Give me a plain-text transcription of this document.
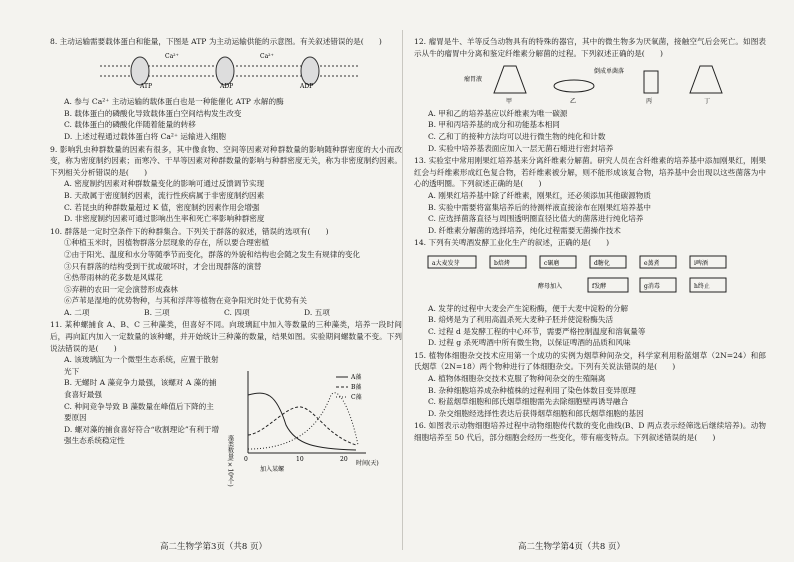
8. 主动运输需要载体蛋白和能量，下图是 ATP 为主动运输供能的示意图。有关叙述错误的是(　　)
Ca²⁺	Ca²⁺
ATP	ADP	ADP
A. 参与 Ca²⁺ 主动运输的载体蛋白也是一种能催化 ATP 水解的酶
B. 载体蛋白的磷酸化导致载体蛋白空间结构发生改变
C. 载体蛋白的磷酸化伴随着能量的转移
D. 上述过程通过载体蛋白将 Ca²⁺ 运输进入细胞
9. 影响乳虫种群数量的因素有很多，其中像食物、空间等因素对种群数量的影响随种群密度的大小而改变，称为密度制约因素；而寒冷、干旱等因素对种群数量的影响与种群密度无关，称为非密度制约因素。下列相关分析错误的是(　　)
A. 密度制约因素对种群数量变化的影响可通过反馈调节实现
B. 天敌属于密度制约因素，流行性疾病属于非密度制约因素
C. 若昆虫的种群数量超过 K 值，密度制约因素作用会增强
D. 非密度制约因素可通过影响出生率和死亡率影响种群密度
10. 群落是一定时空条件下的种群集合。下列关于群落的叙述，错误的选项有(　　)
①种植玉米时，因植物群落分层现象的存在，所以要合理密植
②由于阳光、温度和水分等随季节而变化，群落的外貌和结构也会随之发生有规律的变化
③只有群落的结构受到干扰或破坏时，才会出现群落的演替
④热带雨林的花多数是风媒花
⑤弃耕的农田一定会演替形成森林
⑥芦苇是湿地的优势物种，与其和浮萍等植物在竞争阳光时处于优势有关
A. 二项	B. 三项	C. 四项	D. 五项
11. 某种螺捕食 A、B、C 三种藻类，但喜好不同。向玻璃缸中加入等数量的三种藻类，培养一段时间后，再向缸内加入一定数量的该种螺，并开始统计三种藻的数量，结果如图。实验期间螺数量不变。下列说法错误的是(　　)
A. 该玻璃缸为一个微型生态系统，应置于散射光下
B. 无螺时 A 藻竞争力最强，该螺对 A 藻的捕食喜好最强
C. 种间竞争导致 B 藻数量在峰值后下降的主要原因
D. 螺对藻的捕食喜好符合“收割理论”有利于增强生态系统稳定性	藻类数量(×10⁶个)	时间(天)
0	10	20
加入某螺
A藻
B藻
C藻
高二生物学第3页（共8 页）
12. 瘤胃是牛、羊等反刍动物具有的特殊的器官，其中的微生物多为厌氧菌，接触空气后会死亡。如图表示从牛的瘤胃中分离和鉴定纤维素分解菌的过程。下列叙述正确的是(　　)
瘤胃液
倒成单菌落
甲	乙	丙	丁
A. 甲和乙的培养基应以纤维素为唯一碳源
B. 甲和丙培养基的成分和功能基本相同
C. 乙和丁的接种方法均可以进行微生物的纯化和计数
D. 实验中培养基表面应加入一层无菌石蜡进行密封培养
13. 实验室中常用刚果红培养基来分离纤维素分解菌。研究人员在含纤维素的培养基中添加刚果红，刚果红会与纤维素形成红色复合物，若纤维素被分解，则不能形成该复合物，培养基中会出现以这些菌落为中心的透明圈。下列叙述正确的是(　　)
A. 刚果红培养基中除了纤维素，刚果红，还必须添加其他碳源物质
B. 实验中需要将富集培养后的待测样液直接涂布在刚果红培养基中
C. 应选择菌落直径与周围透明圈直径比值大的菌落进行纯化培养
D. 纤维素分解菌的选择培养，纯化过程需要无菌操作技术
14. 下列有关啤酒发酵工业化生产的叙述，正确的是(　　)
a大麦发芽	b焙烤	c碾磨	d糖化	e蒸煮
f发酵	g消毒	h终止
i啤酒
酵母加入
A. 发芽的过程中大麦会产生淀粉酶，便于大麦中淀粉的分解
B. 焙烤是为了利用高温杀死大麦种子胚并使淀粉酶失活
C. 过程 d 是发酵工程的中心环节，需要严格控制温度和溶氧量等
D. 过程 g 杀死啤酒中所有微生物，以保证啤酒的品质和风味
15. 植物体细胞杂交技术应用第一个成功的实例为烟草种间杂交，科学家利用粉蓝烟草（2N=24）和郎氏烟草（2N=18）两个物种进行了体细胞杂交。下列有关说法错误的是(　　)
A. 植物体细胞杂交技术克服了物种间杂交的生殖隔离
B. 杂种细胞培养成杂种植株的过程利用了染色体数目变异原理
C. 粉蓝烟草细胞和郎氏烟草细胞需先去除细胞壁再诱导融合
D. 杂交细胞经选择性表达后获得烟草细胞和郎氏烟草细胞的基因
16. 如图表示动物细胞培养过程中动物细胞传代数的变化曲线(B、D 两点表示经筛选后继续培养)。动物细胞培养至 50 代后，部分细胞会经历一些变化，带有癌变特点。下列叙述错误的是(　　)
高二生物学第4页（共8 页）
